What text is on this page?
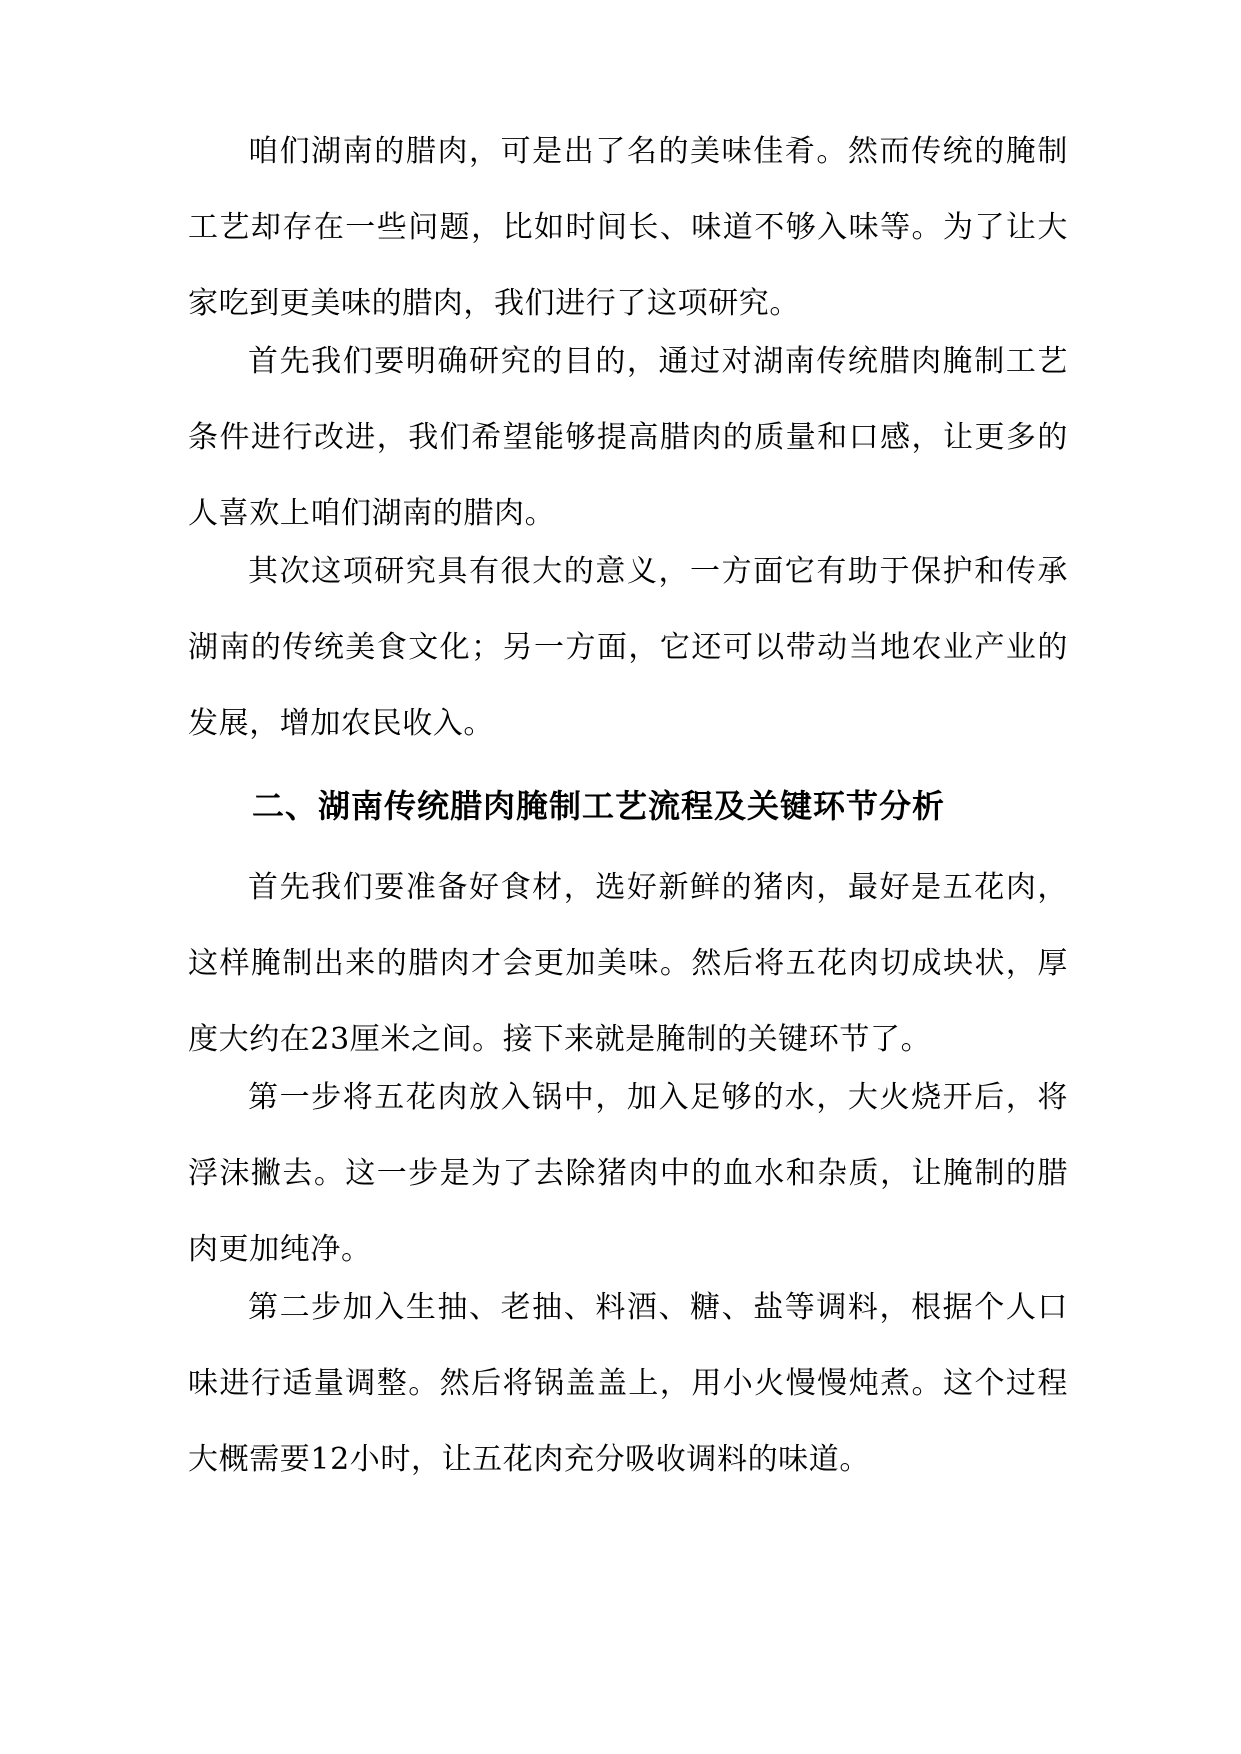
咱们湖南的腊肉，可是出了名的美味佳肴。然而传统的腌制工艺却存在一些问题，比如时间长、味道不够入味等。为了让大家吃到更美味的腊肉，我们进行了这项研究。

首先我们要明确研究的目的，通过对湖南传统腊肉腌制工艺条件进行改进，我们希望能够提高腊肉的质量和口感，让更多的人喜欢上咱们湖南的腊肉。

其次这项研究具有很大的意义，一方面它有助于保护和传承湖南的传统美食文化；另一方面，它还可以带动当地农业产业的发展，增加农民收入。

二、湖南传统腊肉腌制工艺流程及关键环节分析

首先我们要准备好食材，选好新鲜的猪肉，最好是五花肉，这样腌制出来的腊肉才会更加美味。然后将五花肉切成块状，厚度大约在23厘米之间。接下来就是腌制的关键环节了。

第一步将五花肉放入锅中，加入足够的水，大火烧开后，将浮沫撇去。这一步是为了去除猪肉中的血水和杂质，让腌制的腊肉更加纯净。

第二步加入生抽、老抽、料酒、糖、盐等调料，根据个人口味进行适量调整。然后将锅盖盖上，用小火慢慢炖煮。这个过程大概需要12小时，让五花肉充分吸收调料的味道。
